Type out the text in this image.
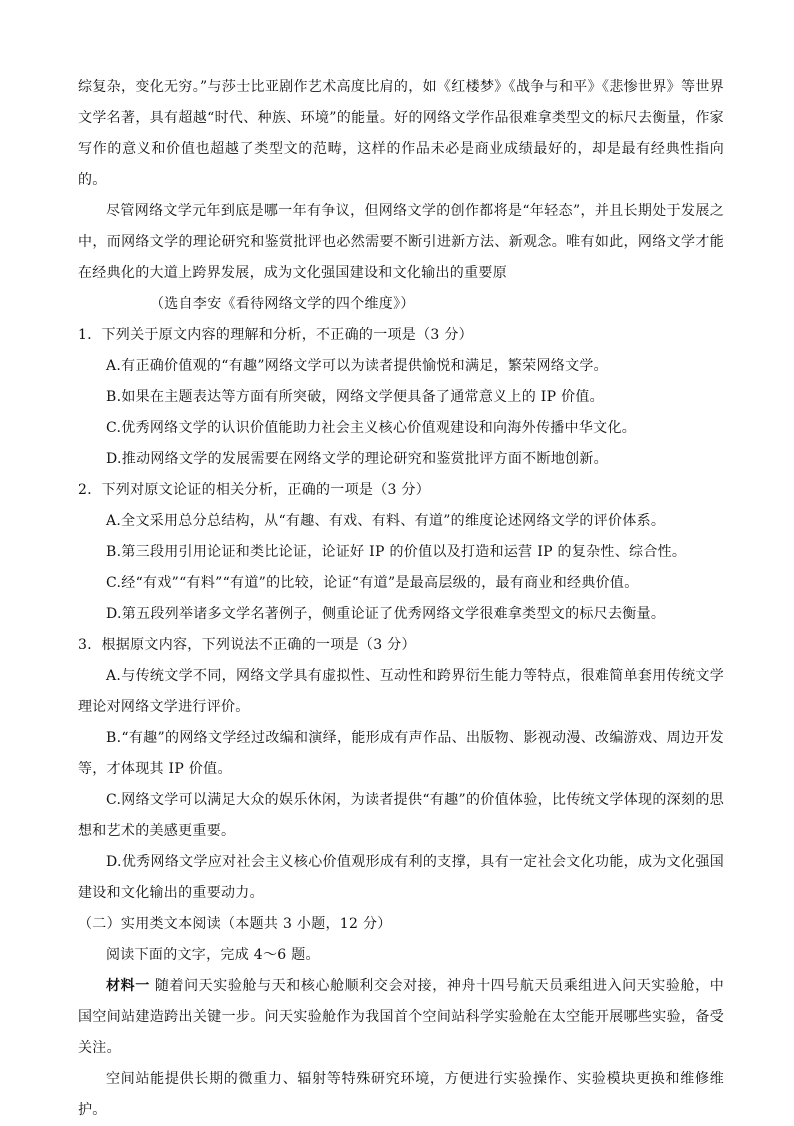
综复杂，变化无穷。”与莎士比亚剧作艺术高度比肩的，如《红楼梦》《战争与和平》《悲惨世界》等世界文学名著，具有超越“时代、种族、环境”的能量。好的网络文学作品很难拿类型文的标尺去衡量，作家写作的意义和价值也超越了类型文的范畴，这样的作品未必是商业成绩最好的，却是最有经典性指向的。

尽管网络文学元年到底是哪一年有争议，但网络文学的创作都将是“年轻态”，并且长期处于发展之中，而网络文学的理论研究和鉴赏批评也必然需要不断引进新方法、新观念。唯有如此，网络文学才能在经典化的大道上跨界发展，成为文化强国建设和文化输出的重要原

（选自李安《看待网络文学的四个维度》）

1．下列关于原文内容的理解和分析，不正确的一项是（3 分）

A.有正确价值观的“有趣”网络文学可以为读者提供愉悦和满足，繁荣网络文学。

B.如果在主题表达等方面有所突破，网络文学便具备了通常意义上的 IP 价值。

C.优秀网络文学的认识价值能助力社会主义核心价值观建设和向海外传播中华文化。

D.推动网络文学的发展需要在网络文学的理论研究和鉴赏批评方面不断地创新。

2．下列对原文论证的相关分析，正确的一项是（3 分）

A.全文采用总分总结构，从“有趣、有戏、有料、有道”的维度论述网络文学的评价体系。

B.第三段用引用论证和类比论证，论证好 IP 的价值以及打造和运营 IP 的复杂性、综合性。

C.经“有戏”“有料”“有道”的比较，论证“有道”是最高层级的，最有商业和经典价值。

D.第五段列举诸多文学名著例子，侧重论证了优秀网络文学很难拿类型文的标尺去衡量。

3．根据原文内容，下列说法不正确的一项是（3 分）

A.与传统文学不同，网络文学具有虚拟性、互动性和跨界衍生能力等特点，很难简单套用传统文学理论对网络文学进行评价。

B.“有趣”的网络文学经过改编和演绎，能形成有声作品、出版物、影视动漫、改编游戏、周边开发等，才体现其 IP 价值。

C.网络文学可以满足大众的娱乐休闲，为读者提供“有趣”的价值体验，比传统文学体现的深刻的思想和艺术的美感更重要。

D.优秀网络文学应对社会主义核心价值观形成有利的支撑，具有一定社会文化功能，成为文化强国建设和文化输出的重要动力。

（二）实用类文本阅读（本题共 3 小题，12 分）

阅读下面的文字，完成 4～6 题。

材料一 随着问天实验舱与天和核心舱顺利交会对接，神舟十四号航天员乘组进入问天实验舱，中国空间站建造跨出关键一步。问天实验舱作为我国首个空间站科学实验舱在太空能开展哪些实验，备受关注。

空间站能提供长期的微重力、辐射等特殊研究环境，方便进行实验操作、实验模块更换和维修维护。
